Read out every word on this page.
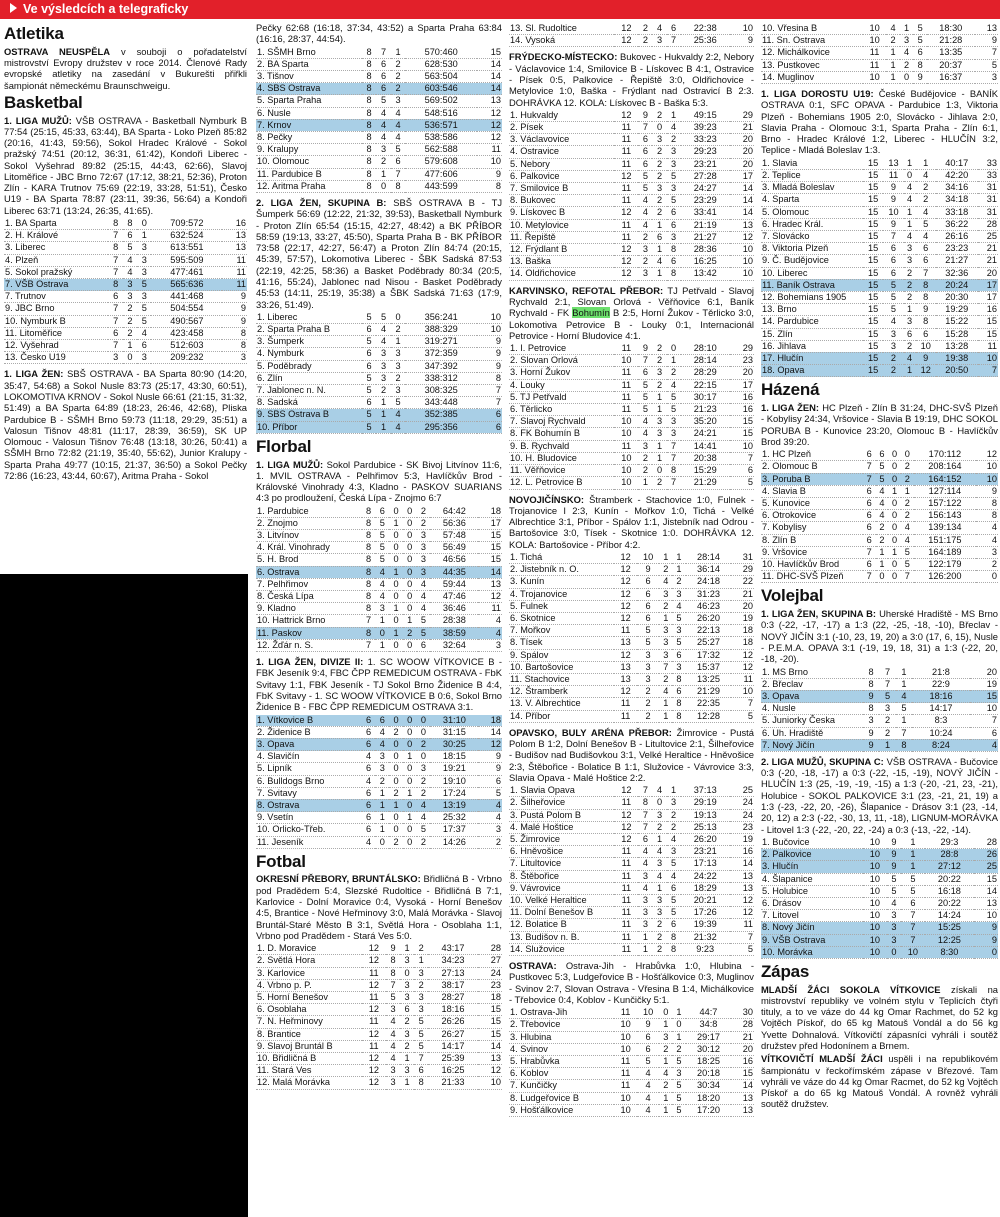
Ve výsledcích a telegraficky
Atletika
OSTRAVA NEUSPĚLA v souboji o pořadatelství mistrovství Evropy družstev v roce 2014. Členové Rady evropské atletiky na zasedání v Bukurešti přiřkli šampionát německému Braunschweigu.
Basketbal
1. LIGA MUŽŮ: VŠB OSTRAVA - Basketball Nymburk B 77:54 (25:15, 45:33, 63:44), BA Sparta - Loko Plzeň 85:82 (20:16, 41:43, 59:56), Sokol Hradec Králové - Sokol pražský 74:51 (20:12, 36:31, 61:42), Kondoři Liberec - Sokol Vyšehrad 89:82 (25:15, 44:43, 62:66), Slavoj Litoměřice - JBC Brno 72:67 (17:12, 38:21, 52:36), Proton Zlín - KARA Trutnov 75:69 (22:19, 33:28, 51:51), Česko U19 - BA Sparta 78:87 (23:11, 39:36, 56:64) a Kondoři Liberec 63:71 (13:24, 26:35, 41:65).
1. BA Sparta	8	8	0	709:572	16
2. H. Králové	7	6	1	632:524	13
3. Liberec	8	5	3	613:551	13
4. Plzeň	7	4	3	595:509	11
5. Sokol pražský	7	4	3	477:461	11
7. VŠB Ostrava	8	3	5	565:636	11
7. Trutnov	6	3	3	441:468	9
9. JBC Brno	7	2	5	504:554	9
10. Nymburk B	7	2	5	490:567	9
11. Litoměřice	6	2	4	423:458	8
12. Vyšehrad	7	1	6	512:603	8
13. Česko U19	3	0	3	209:232	3
1. LIGA ŽEN: SBŠ OSTRAVA - BA Sparta 80:90 (14:20, 35:47, 54:68) a Sokol Nusle 83:73 (25:17, 43:30, 60:51), LOKOMOTIVA KRNOV - Sokol Nusle 66:61 (21:15, 31:32, 51:49) a BA Sparta 64:89 (18:23, 26:46, 42:68), Pliska Pardubice B - SŠMH Brno 59:73 (11:18, 29:29, 35:51) a Valosun Tišnov 48:81 (11:17, 28:39, 36:59), SK UP Olomouc - Valosun Tišnov 76:48 (13:18, 30:26, 50:41) a SŠMH Brno 72:82 (21:19, 35:40, 55:62), Junior Kralupy - Sparta Praha 49:77 (10:15, 21:37, 36:50) a Sokol Pečky 72:86 (16:23, 43:44, 60:67), Aritma Praha - Sokol
Pečky 62:68 (16:18, 37:34, 43:52) a Sparta Praha 63:84 (16:16, 28:37, 44:54).
1. SŠMH Brno	8	7	1	570:460	15
2. BA Sparta	8	6	2	628:530	14
3. Tišnov	8	6	2	563:504	14
4. SBS Ostrava	8	6	2	603:546	14
5. Sparta Praha	8	5	3	569:502	13
6. Nusle	8	4	4	548:516	12
7. Krnov	8	4	4	536:571	12
8. Pečky	8	4	4	538:586	12
9. Kralupy	8	3	5	562:588	11
10. Olomouc	8	2	6	579:608	10
11. Pardubice B	8	1	7	477:606	9
12. Aritma Praha	8	0	8	443:599	8
2. LIGA ŽEN, SKUPINA B: SBŠ OSTRAVA B - TJ Šumperk 56:69 (12:22, 21:32, 39:53), Basketball Nymburk - Proton Zlín 65:54 (15:15, 42:27, 48:42) a BK PŘÍBOR 58:59 (19:13, 33:27, 45:50), Sparta Praha B - BK PŘÍBOR 73:58 (22:17, 42:27, 56:47) a Proton Zlín 84:74 (20:15, 45:39, 57:57), Lokomotiva Liberec - ŠBK Sadská 87:53 (22:19, 42:25, 58:36) a Basket Poděbrady 80:34 (20:5, 41:16, 55:24), Jablonec nad Nisou - Basket Poděbrady 45:53 (14:11, 25:19, 35:38) a ŠBK Sadská 71:63 (17:9, 33:26, 51:49).
1. Liberec	5	5	0	356:241	10
2. Sparta Praha B	6	4	2	388:329	10
3. Šumperk	5	4	1	319:271	9
4. Nymburk	6	3	3	372:359	9
5. Poděbrady	6	3	3	347:392	9
6. Zlín	5	3	2	338:312	8
7. Jablonec n. N.	5	2	3	308:325	7
8. Sadská	6	1	5	343:448	7
9. SBS Ostrava B	5	1	4	352:385	6
10. Příbor	5	1	4	295:356	6
Florbal
1. LIGA MUŽŮ: Sokol Pardubice - SK Bivoj Litvínov 11:6, 1. MVIL OSTRAVA - Pelhřimov 5:3, Havlíčkův Brod - Královské Vinohrady 4:3, Kladno - PASKOV SUARIANS 4:3 po prodloužení, Česká Lípa - Znojmo 6:7
1. Pardubice	8	6	0	0	2	64:42	18
2. Znojmo	8	5	1	0	2	56:36	17
3. Litvínov	8	5	0	0	3	57:48	15
4. Král. Vinohrady	8	5	0	0	3	56:49	15
5. H. Brod	8	5	0	0	3	46:56	15
6. Ostrava	8	4	1	0	3	44:35	14
7. Pelhřimov	8	4	0	0	4	59:44	13
8. Česká Lípa	8	4	0	0	4	47:46	12
9. Kladno	8	3	1	0	4	36:46	11
10. Hattrick Brno	7	1	0	1	5	28:38	4
11. Paskov	8	0	1	2	5	38:59	4
12. Žďár n. S.	7	1	0	0	6	32:64	3
1. LIGA ŽEN, DIVIZE II: 1. SC WOOW VÍTKOVICE B - FBK Jeseník 9:4, FBC ČPP REMEDICUM OSTRAVA - FbK Svitavy 1:1, FBK Jeseník - TJ Sokol Brno Židenice B 4:4, FbK Svitavy - 1. SC WOOW VÍTKOVICE B 0:6, Sokol Brno Židenice B - FBC ČPP REMEDICUM OSTRAVA 3:1.
1. Vítkovice B	6	6	0	0	0	31:10	18
2. Židenice B	6	4	2	0	0	31:15	14
3. Opava	6	4	0	0	2	30:25	12
4. Slavičín	4	3	0	1	0	18:15	9
5. Lipník	6	3	0	0	3	19:21	9
6. Bulldogs Brno	4	2	0	0	2	19:10	6
7. Svitavy	6	1	2	1	2	17:24	5
8. Ostrava	6	1	1	0	4	13:19	4
9. Vsetín	6	1	0	1	4	25:32	4
10. Orlicko-Třeb.	6	1	0	0	5	17:37	3
11. Jeseník	4	0	2	0	2	14:26	2
Fotbal
OKRESNÍ PŘEBORY, BRUNTÁLSKO: Břidličná B - Vrbno pod Pradědem 5:4, Slezské Rudoltice - Břidličná B 7:1, Karlovice - Dolní Moravice 0:4, Vysoká - Horní Benešov 4:5, Brantice - Nové Heřminovy 3:0, Malá Morávka - Slavoj Bruntál-Staré Město B 3:1, Světlá Hora - Osoblaha 1:1, Vrbno pod Pradědem - Stará Ves 5:0.
1. D. Moravice	12	9	1	2	43:17	28
2. Světlá Hora	12	8	3	1	34:23	27
3. Karlovice	11	8	0	3	27:13	24
4. Vrbno p. P.	12	7	3	2	38:17	23
5. Horní Benešov	11	5	3	3	28:27	18
6. Osoblaha	12	3	6	3	18:16	15
7. N. Heřminovy	11	4	2	5	26:26	15
8. Brantice	12	4	3	5	26:27	15
9. Slavoj Bruntál B	11	4	2	5	14:17	14
10. Břidličná B	12	4	1	7	25:39	13
11. Stará Ves	12	3	3	6	16:25	12
12. Malá Morávka	12	3	1	8	21:33	10
13. Sl. Rudoltice	12	2	4	6	22:38	10
14. Vysoká	12	2	3	7	25:36	9
FRÝDECKO-MÍSTECKO: Bukovec - Hukvaldy 2:2, Nebory - Václavovice 1:4, Smilovice B - Lískovec B 4:1, Ostravice - Písek 0:5, Palkovice - Řepiště 3:0, Oldřichovice - Metylovice 1:0, Baška - Frýdlant nad Ostravicí B 2:3. DOHRÁVKA 12. KOLA: Lískovec B - Baška 5:3.
1. Hukvaldy	12	9	2	1	49:15	29
2. Písek	11	7	0	4	39:23	21
3. Václavovice	11	6	3	2	33:23	20
4. Ostravice	11	6	2	3	29:23	20
5. Nebory	11	6	2	3	23:21	20
6. Palkovice	12	5	2	5	27:28	17
7. Smilovice B	11	5	3	3	24:27	14
8. Bukovec	11	4	2	5	23:29	14
9. Lískovec B	12	4	2	6	33:41	14
10. Metylovice	11	4	1	6	21:19	13
11. Řepiště	11	2	6	3	21:27	12
12. Frýdlant B	12	3	1	8	28:36	10
13. Baška	12	2	4	6	16:25	10
14. Oldřichovice	12	3	1	8	13:42	10
KARVINSKO, REFOTAL PŘEBOR: TJ Petřvald - Slavoj Rychvald 2:1, Slovan Orlová - Věřňovice 6:1, Baník Rychvald - FK Bohumín B 2:5, Horní Žukov - Těrlicko 3:0, Lokomotiva Petrovice B - Louky 0:1, Internacionál Petrovice - Horní Bludovice 4:1.
1. I. Petrovice	11	9	2	0	28:10	29
2. Slovan Orlová	10	7	2	1	28:14	23
3. Horní Žukov	11	6	3	2	28:29	20
4. Louky	11	5	2	4	22:15	17
5. TJ Petřvald	11	5	1	5	30:17	16
6. Těrlicko	11	5	1	5	21:23	16
7. Slavoj Rychvald	10	4	3	3	35:20	15
8. FK Bohumín B	10	4	3	3	24:21	15
9. B. Rychvald	11	3	1	7	14:41	10
10. H. Bludovice	10	2	1	7	20:38	7
11. Věřňovice	10	2	0	8	15:29	6
12. L. Petrovice B	10	1	2	7	21:29	5
NOVOJIČÍNSKO: Štramberk - Stachovice 1:0, Fulnek - Trojanovice I 2:3, Kunín - Mořkov 1:0, Tichá - Velké Albrechtice 3:1, Příbor - Spálov 1:1, Jistebník nad Odrou - Bartošovice 3:0, Tísek - Skotnice 1:0. DOHRÁVKA 12. KOLA: Bartošovice - Příbor 4:2.
1. Tichá	12	10	1	1	28:14	31
2. Jistebník n. O.	12	9	2	1	36:14	29
3. Kunín	12	6	4	2	24:18	22
4. Trojanovice	12	6	3	3	31:23	21
5. Fulnek	12	6	2	4	46:23	20
6. Skotnice	12	6	1	5	26:20	19
7. Mořkov	11	5	3	3	22:13	18
8. Tísek	13	5	3	5	25:27	18
9. Spálov	12	3	3	6	17:32	12
10. Bartošovice	13	3	7	3	15:37	12
11. Stachovice	13	3	2	8	13:25	11
12. Štramberk	12	2	4	6	21:29	10
13. V. Albrechtice	11	2	1	8	22:35	7
14. Příbor	11	2	1	8	12:28	5
OPAVSKO, BULY ARÉNA PŘEBOR: Žimrovice - Pustá Polom B 1:2, Dolní Benešov B - Litultovice 2:1, Šilheřovice - Budišov nad Budišovkou 3:1, Velké Heraltice - Hněvošice 2:3, Štěbořice - Bolatice B 1:1, Služovice - Vávrovice 3:3, Slavia Opava - Malé Hoštice 2:2.
1. Slavia Opava	12	7	4	1	37:13	25
2. Šilheřovice	11	8	0	3	29:19	24
3. Pustá Polom B	12	7	3	2	19:13	24
4. Malé Hoštice	12	7	2	2	25:13	23
5. Žimrovice	12	6	1	4	26:20	19
6. Hněvošice	11	4	4	3	23:21	16
7. Litultovice	11	4	3	5	17:13	14
8. Štěbořice	11	3	4	4	24:22	13
9. Vávrovice	11	4	1	6	18:29	13
10. Velké Heraltice	11	3	3	5	20:21	12
11. Dolní Benešov B	11	3	3	5	17:26	12
12. Bolatice B	11	3	2	6	19:39	11
13. Budišov n. B.	11	1	2	8	21:32	7
14. Služovice	11	1	2	8	9:23	5
OSTRAVA: Ostrava-Jih - Hrabůvka 1:0, Hlubina - Pustkovec 5:3, Ludgeřovice B - Hošťálkovice 0:3, Muglinov - Svinov 2:7, Slovan Ostrava - Vřesina B 1:4, Michálkovice - Třebovice 0:4, Koblov - Kunčičky 5:1.
1. Ostrava-Jih	11	10	0	1	44:7	30
2. Třebovice	10	9	1	0	34:8	28
3. Hlubina	10	6	3	1	29:17	21
4. Svinov	10	6	2	2	30:12	20
5. Hrabůvka	11	5	1	5	18:25	16
6. Koblov	11	4	4	3	20:18	15
7. Kunčičky	11	4	2	5	30:34	14
8. Ludgeřovice B	10	4	1	5	18:20	13
9. Hošťálkovice	10	4	1	5	17:20	13
10. Vřesina B	10	4	1	5	18:30	13
11. Sn. Ostrava	10	2	3	5	21:28	9
12. Michálkovice	11	1	4	6	13:35	7
13. Pustkovec	11	1	2	8	20:37	5
14. Muglinov	10	1	0	9	16:37	3
1. LIGA DOROSTU U19: České Budějovice - BANÍK OSTRAVA 0:1, SFC OPAVA - Pardubice 1:3, Viktoria Plzeň - Bohemians 1905 2:0, Slovácko - Jihlava 2:0, Slavia Praha - Olomouc 3:1, Sparta Praha - Zlín 6:1, Brno - Hradec Králové 1:2, Liberec - HLUČÍN 3:2, Teplice - Mladá Boleslav 1:3.
1. Slavia	15	13	1	1	40:17	33
2. Teplice	15	11	0	4	42:20	33
3. Mladá Boleslav	15	9	4	2	34:16	31
4. Sparta	15	9	4	2	34:18	31
5. Olomouc	15	10	1	4	33:18	31
6. Hradec Král.	15	9	1	5	36:22	28
7. Slovácko	15	7	4	4	26:16	25
8. Viktoria Plzeň	15	6	3	6	23:23	21
9. Č. Budějovice	15	6	3	6	21:27	21
10. Liberec	15	6	2	7	32:36	20
11. Baník Ostrava	15	5	2	8	20:24	17
12. Bohemians 1905	15	5	2	8	20:30	17
13. Brno	15	5	1	9	19:29	16
14. Pardubice	15	4	3	8	15:22	15
15. Zlín	15	3	6	6	15:28	15
16. Jihlava	15	3	2	10	13:28	11
17. Hlučín	15	2	4	9	19:38	10
18. Opava	15	2	1	12	20:50	7
Házená
1. LIGA ŽEN: HC Plzeň - Zlín B 31:24, DHC-SVŠ Plzeň - Kobylisy 24:34, Vršovice - Slavia B 19:19, DHC SOKOL PORUBA B - Kunovice 23:20, Olomouc B - Havlíčkův Brod 39:20.
1. HC Plzeň	6	6	0	0	170:112	12
2. Olomouc B	7	5	0	2	208:164	10
3. Poruba B	7	5	0	2	164:152	10
4. Slavia B	6	4	1	1	127:114	9
5. Kunovice	6	4	0	2	157:122	8
6. Otrokovice	6	4	0	2	156:143	8
7. Kobylisy	6	2	0	4	139:134	4
8. Zlín B	6	2	0	4	151:175	4
9. Vršovice	7	1	1	5	164:189	3
10. Havlíčkův Brod	6	1	0	5	122:179	2
11. DHC-SVŠ Plzeň	7	0	0	7	126:200	0
Volejbal
1. LIGA ŽEN, SKUPINA B: Uherské Hradiště - MS Brno 0:3 (-22, -17, -17) a 1:3 (22, -25, -18, -10), Břeclav - NOVÝ JIČÍN 3:1 (-10, 23, 19, 20) a 3:0 (17, 6, 15), Nusle - P.E.M.A. OPAVA 3:1 (-19, 19, 18, 31) a 1:3 (-22, 20, -18, -20).
1. MS Brno	8	7	1	21:8	20
2. Břeclav	8	7	1	22:9	19
3. Opava	9	5	4	18:16	15
4. Nusle	8	3	5	14:17	10
5. Juniorky Česka	3	2	1	8:3	7
6. Uh. Hradiště	9	2	7	10:24	6
7. Nový Jičín	9	1	8	8:24	4
2. LIGA MUŽŮ, SKUPINA C: VŠB OSTRAVA - Bučovice 0:3 (-20, -18, -17) a 0:3 (-22, -15, -19), NOVÝ JIČÍN - HLUČÍN 1:3 (25, -19, -19, -15) a 1:3 (-20, -21, 23, -21), Holubice - SOKOL PALKOVICE 3:1 (23, -21, 21, 19) a 1:3 (-23, -22, 20, -26), Šlapanice - Drásov 3:1 (23, -14, 20, 12) a 2:3 (-22, -30, 13, 11, -18), LIGNUM-MORÁVKA - Litovel 1:3 (-22, -20, 22, -24) a 0:3 (-13, -22, -14).
1. Bučovice	10	9	1	29:3	28
2. Palkovice	10	9	1	28:8	26
3. Hlučín	10	9	1	27:12	25
4. Šlapanice	10	5	5	20:22	15
5. Holubice	10	5	5	16:18	14
6. Drásov	10	4	6	20:22	13
7. Litovel	10	3	7	14:24	10
8. Nový Jičín	10	3	7	15:25	9
9. VŠB Ostrava	10	3	7	12:25	9
10. Morávka	10	0	10	8:30	0
Zápas
MLADŠÍ ŽÁCI SOKOLA VÍTKOVICE získali na mistrovství republiky ve volném stylu v Teplicích čtyři tituly, a to ve váze do 44 kg Omar Rachmet, do 52 kg Vojtěch Pískoř, do 65 kg Matouš Vondál a do 56 kg Yvette Dohnalová. Vítkovičtí zápasníci vyhráli i soutěž družstev před Hodonínem a Brnem.
VÍTKOVIČTÍ MLADŠÍ ŽÁCI uspěli i na republikovém šampionátu v řeckořímském zápase v Březové. Tam vyhráli ve váze do 44 kg Omar Racmet, do 52 kg Vojtěch Pískoř a do 65 kg Matouš Vondál. A rovněž vyhráli soutěž družstev.
